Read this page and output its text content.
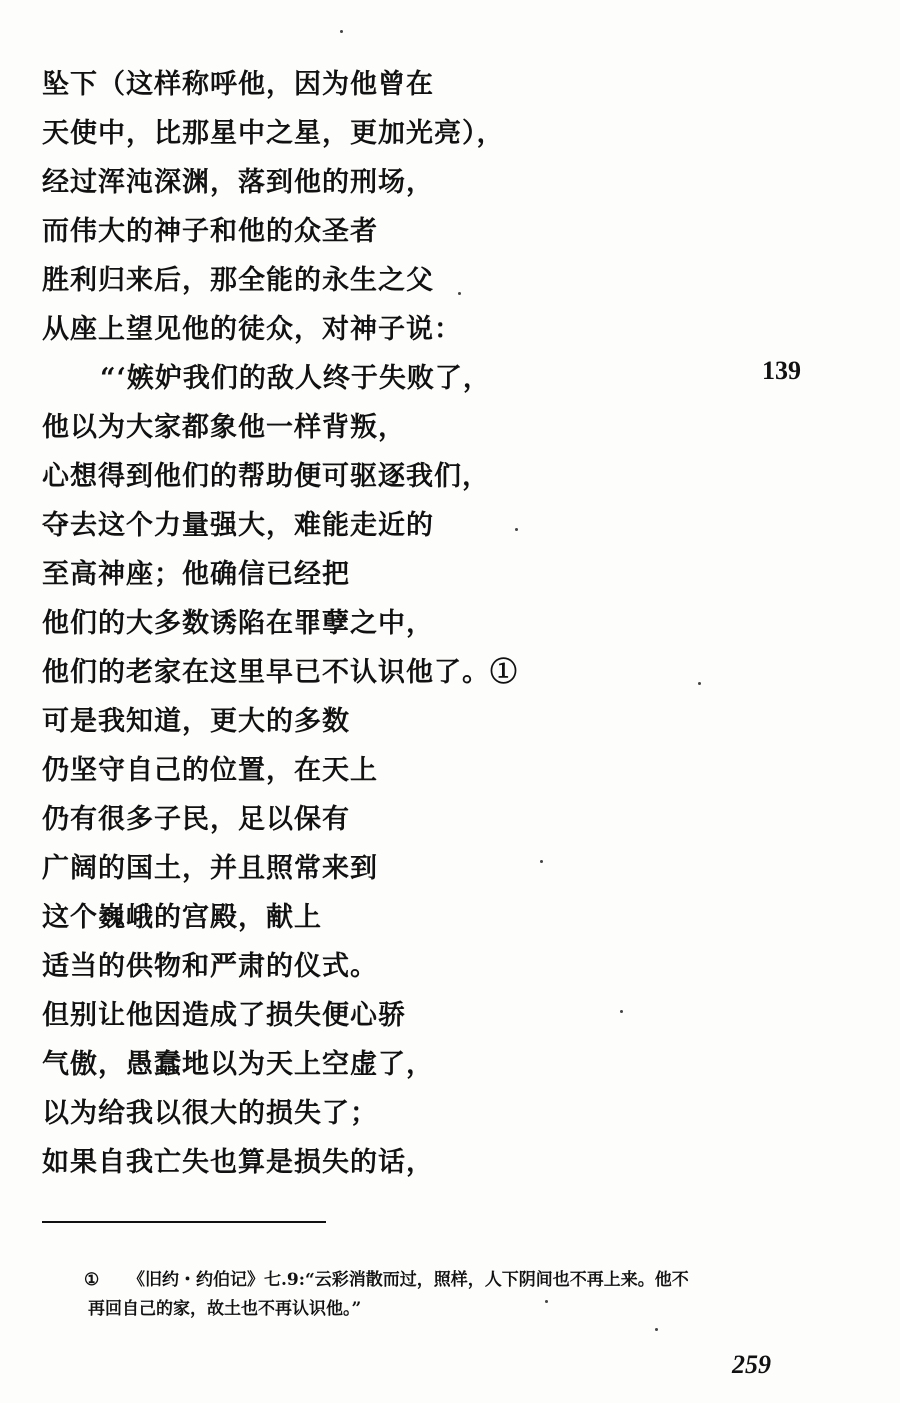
坠下（这样称呼他，因为他曾在
天使中，比那星中之星，更加光亮），
经过浑沌深渊，落到他的刑场，
而伟大的神子和他的众圣者
胜利归来后，那全能的永生之父
从座上望见他的徒众，对神子说：
“‘嫉妒我们的敌人终于失败了，
他以为大家都象他一样背叛，
心想得到他们的帮助便可驱逐我们，
夺去这个力量强大，难能走近的
至高神座；他确信已经把
他们的大多数诱陷在罪孽之中，
他们的老家在这里早已不认识他了。①
可是我知道，更大的多数
仍坚守自己的位置，在天上
仍有很多子民，足以保有
广阔的国土，并且照常来到
这个巍峨的宫殿，献上
适当的供物和严肃的仪式。
但别让他因造成了损失便心骄
气傲，愚蠢地以为天上空虚了，
以为给我以很大的损失了；
如果自我亡失也算是损失的话，
139
①	《旧约・约伯记》七.9:“云彩消散而过，照样，人下阴间也不再上来。他不
再回自己的家，故土也不再认识他。”
259
